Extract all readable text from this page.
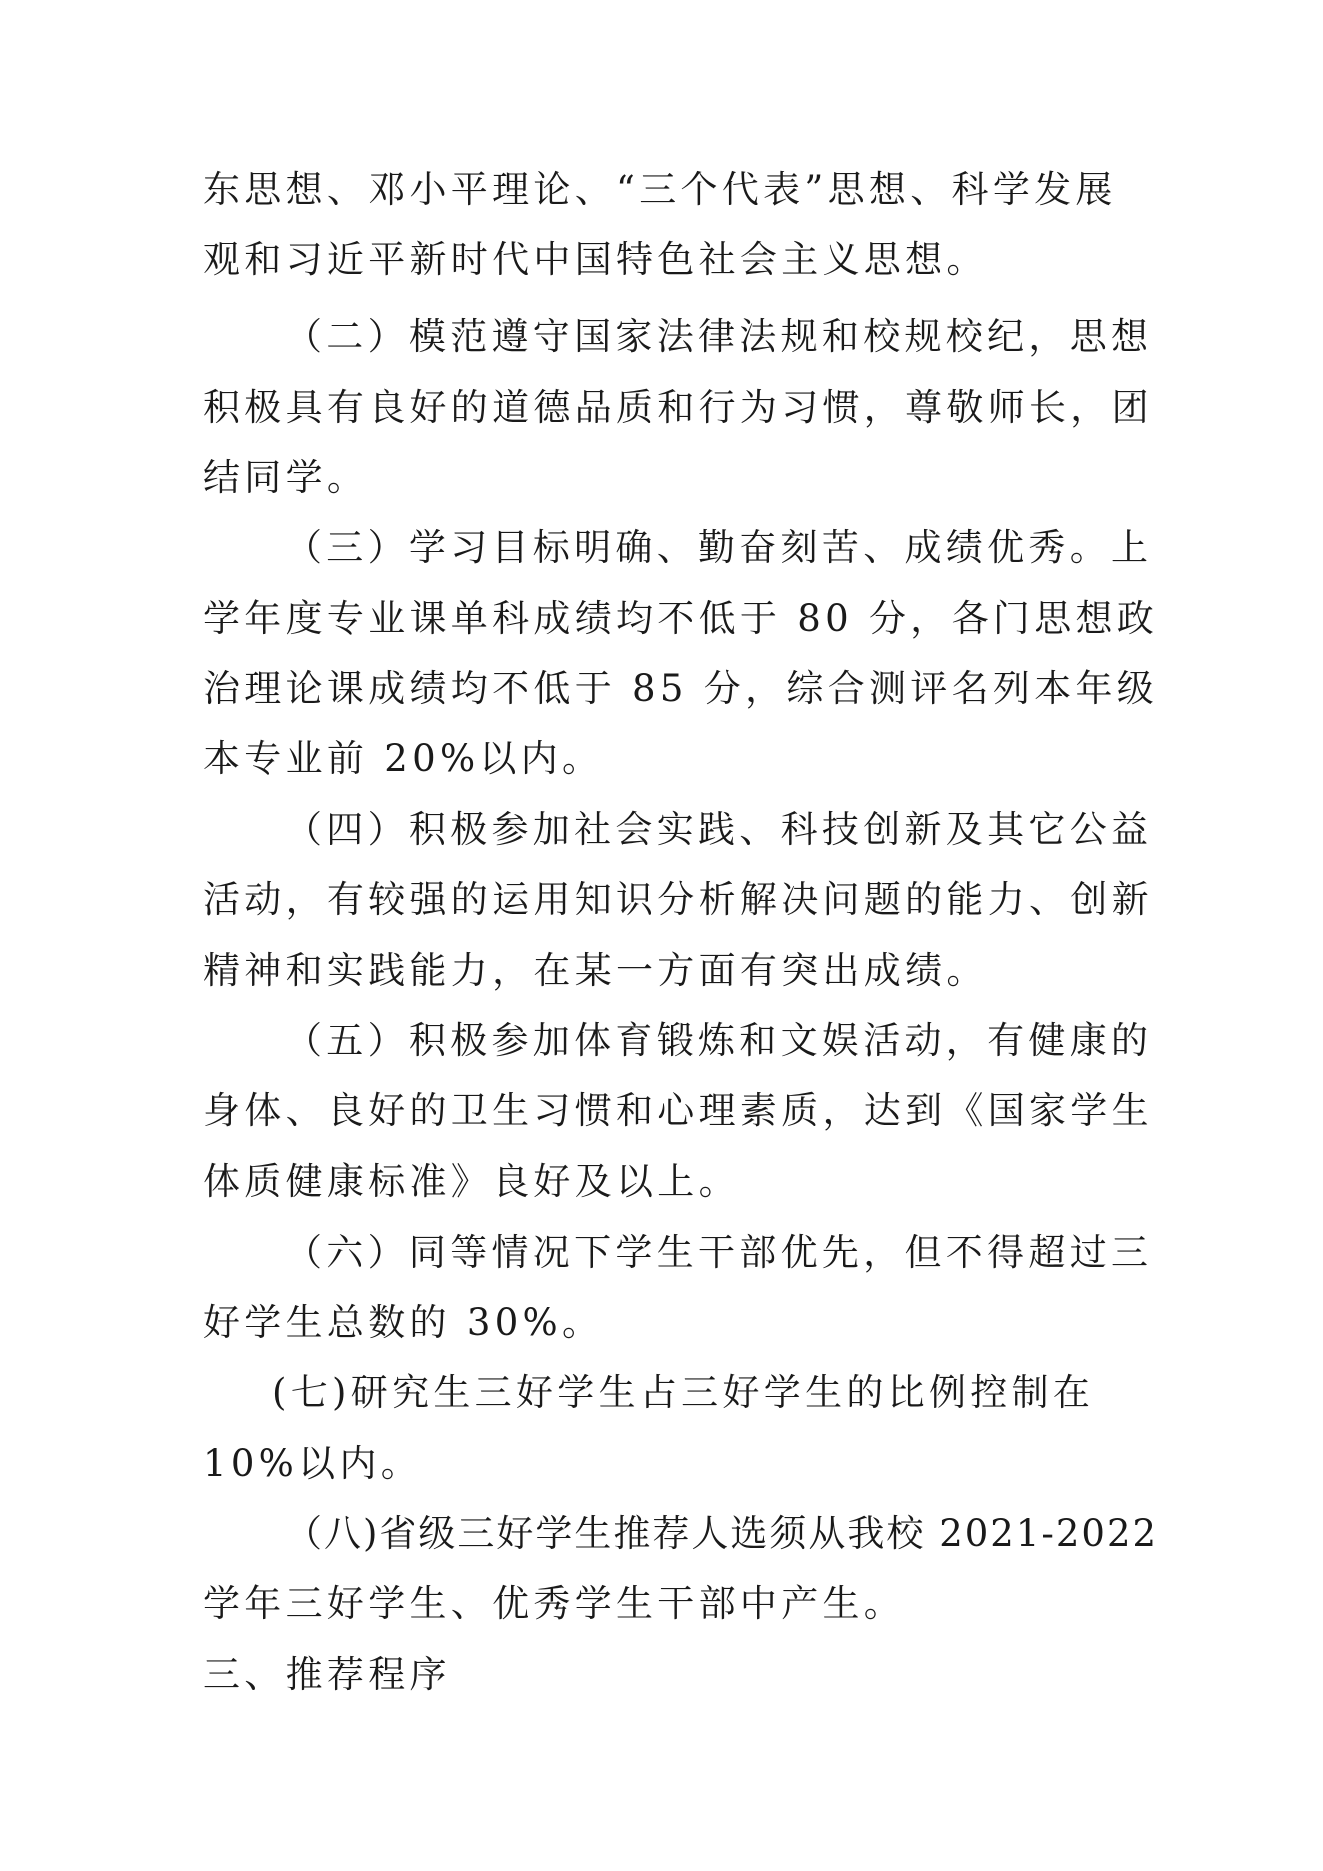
东思想、邓小平理论、“三个代表”思想、科学发展
观和习近平新时代中国特色社会主义思想。
（二）模范遵守国家法律法规和校规校纪，思想
积极具有良好的道德品质和行为习惯，尊敬师长，团
结同学。
（三）学习目标明确、勤奋刻苦、成绩优秀。上
学年度专业课单科成绩均不低于 80 分，各门思想政
治理论课成绩均不低于 85 分，综合测评名列本年级
本专业前 20%以内。
（四）积极参加社会实践、科技创新及其它公益
活动，有较强的运用知识分析解决问题的能力、创新
精神和实践能力，在某一方面有突出成绩。
（五）积极参加体育锻炼和文娱活动，有健康的
身体、良好的卫生习惯和心理素质，达到《国家学生
体质健康标准》良好及以上。
（六）同等情况下学生干部优先，但不得超过三
好学生总数的 30%。
(七)研究生三好学生占三好学生的比例控制在
10%以内。
（八)省级三好学生推荐人选须从我校 2021-2022
学年三好学生、优秀学生干部中产生。
三、推荐程序
